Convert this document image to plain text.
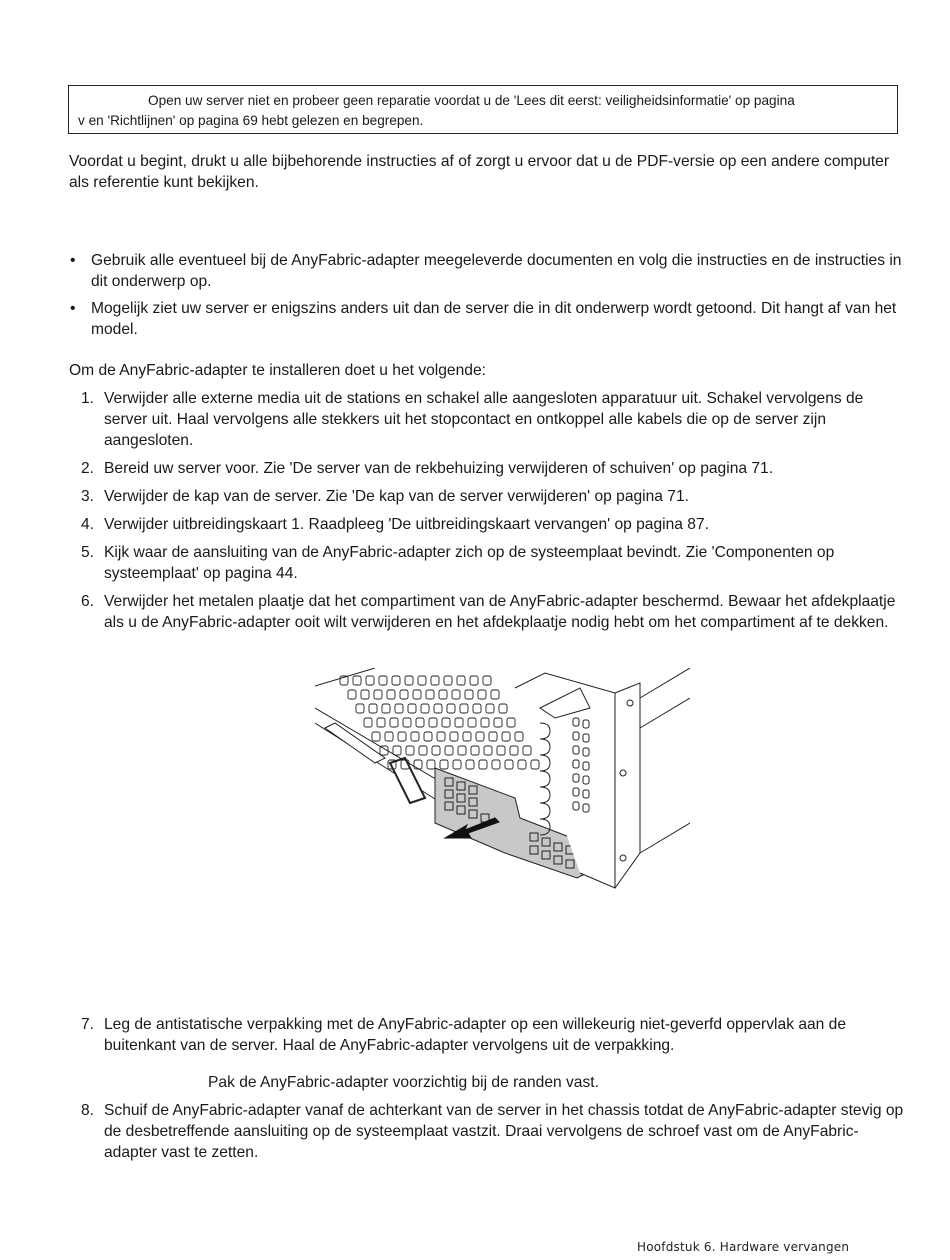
Open uw server niet en probeer geen reparatie voordat u de 'Lees dit eerst: veiligheidsinformatie' op pagina
v en 'Richtlijnen' op pagina 69 hebt gelezen en begrepen.

Voordat u begint, drukt u alle bijbehorende instructies af of zorgt u ervoor dat u de PDF-versie op een andere computer als referentie kunt bekijken.

• Gebruik alle eventueel bij de AnyFabric-adapter meegeleverde documenten en volg die instructies en de instructies in dit onderwerp op.
• Mogelijk ziet uw server er enigszins anders uit dan de server die in dit onderwerp wordt getoond. Dit hangt af van het model.

Om de AnyFabric-adapter te installeren doet u het volgende:

1. Verwijder alle externe media uit de stations en schakel alle aangesloten apparatuur uit. Schakel vervolgens de server uit. Haal vervolgens alle stekkers uit het stopcontact en ontkoppel alle kabels die op de server zijn aangesloten.
2. Bereid uw server voor. Zie 'De server van de rekbehuizing verwijderen of schuiven' op pagina 71.
3. Verwijder de kap van de server. Zie 'De kap van de server verwijderen' op pagina 71.
4. Verwijder uitbreidingskaart 1. Raadpleeg 'De uitbreidingskaart vervangen' op pagina 87.
5. Kijk waar de aansluiting van de AnyFabric-adapter zich op de systeemplaat bevindt. Zie 'Componenten op systeemplaat' op pagina 44.
6. Verwijder het metalen plaatje dat het compartiment van de AnyFabric-adapter beschermd. Bewaar het afdekplaatje als u de AnyFabric-adapter ooit wilt verwijderen en het afdekplaatje nodig hebt om het compartiment af te dekken.
7. Leg de antistatische verpakking met de AnyFabric-adapter op een willekeurig niet-geverfd oppervlak aan de buitenkant van de server. Haal de AnyFabric-adapter vervolgens uit de verpakking.
Pak de AnyFabric-adapter voorzichtig bij de randen vast.
8. Schuif de AnyFabric-adapter vanaf de achterkant van de server in het chassis totdat de AnyFabric-adapter stevig op de desbetreffende aansluiting op de systeemplaat vastzit. Draai vervolgens de schroef vast om de AnyFabric-adapter vast te zetten.
Hoofdstuk 6. Hardware vervangen
